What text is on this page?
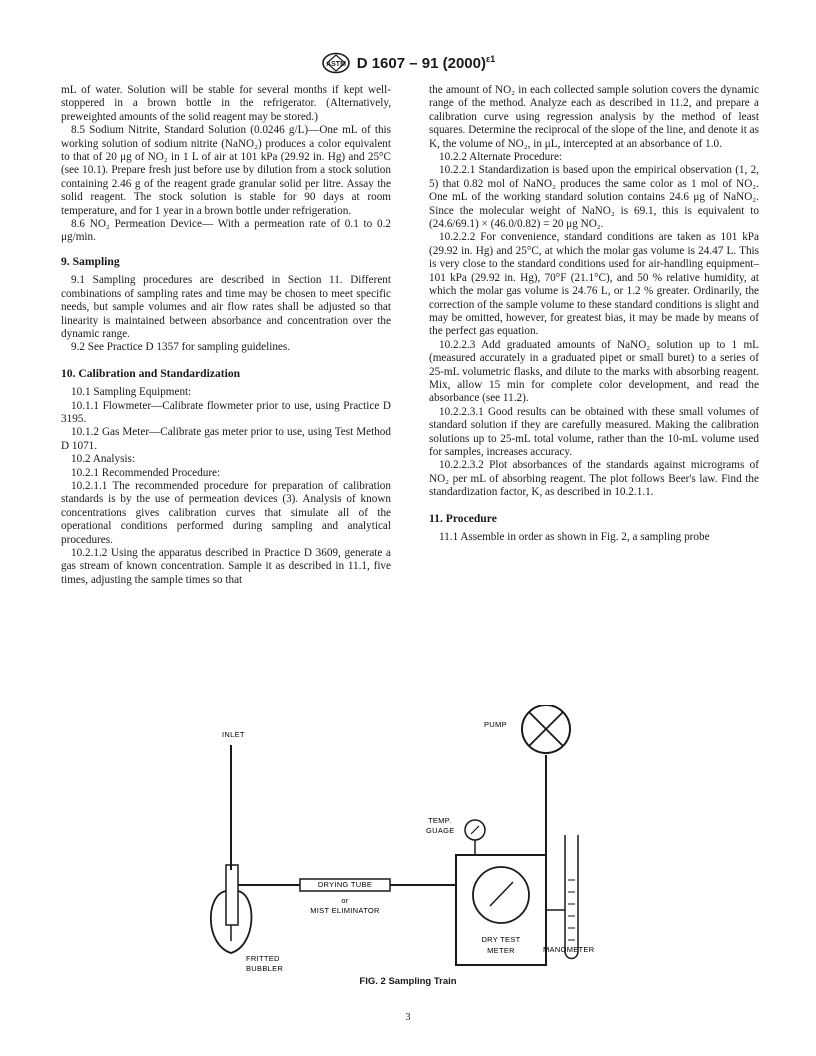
ASTM D 1607 – 91 $(2000)^{\varepsilon 1}$

mL of water. Solution will be stable for several months if kept well-stoppered in a brown bottle in the refrigerator. (Alternatively, preweighted amounts of the solid reagent may be stored.)

8.5 Sodium Nitrite, Standard Solution (0.0246 g/L)—One mL of this working solution of sodium nitrite (NaNO₂) produces a color equivalent to that of 20 μg of NO₂ in 1 L of air at 101 kPa (29.92 in. Hg) and 25°C (see 10.1). Prepare fresh just before use by dilution from a stock solution containing 2.46 g of the reagent grade granular solid per litre. Assay the solid reagent. The stock solution is stable for 90 days at room temperature, and for 1 year in a brown bottle under refrigeration.

8.6 NO₂ Permeation Device— With a permeation rate of 0.1 to 0.2 μg/min.

9. Sampling

9.1 Sampling procedures are described in Section 11. Different combinations of sampling rates and time may be chosen to meet specific needs, but sample volumes and air flow rates shall be adjusted so that linearity is maintained between absorbance and concentration over the dynamic range.

9.2 See Practice D 1357 for sampling guidelines.

10. Calibration and Standardization

10.1 Sampling Equipment:

10.1.1 Flowmeter—Calibrate flowmeter prior to use, using Practice D 3195.

10.1.2 Gas Meter—Calibrate gas meter prior to use, using Test Method D 1071.

10.2 Analysis:

10.2.1 Recommended Procedure:

10.2.1.1 The recommended procedure for preparation of calibration standards is by the use of permeation devices (3). Analysis of known concentrations gives calibration curves that simulate all of the operational conditions performed during sampling and analytical procedures.

10.2.1.2 Using the apparatus described in Practice D 3609, generate a gas stream of known concentration. Sample it as described in 11.1, five times, adjusting the sample times so that

the amount of NO₂ in each collected sample solution covers the dynamic range of the method. Analyze each as described in 11.2, and prepare a calibration curve using regression analysis by the method of least squares. Determine the reciprocal of the slope of the line, and denote it as K, the volume of NO₂, in μL, intercepted at an absorbance of 1.0.

10.2.2 Alternate Procedure:

10.2.2.1 Standardization is based upon the empirical observation (1, 2, 5) that 0.82 mol of NaNO₂ produces the same color as 1 mol of NO₂. One mL of the working standard solution contains 24.6 μg of NaNO₂. Since the molecular weight of NaNO₂ is 69.1, this is equivalent to (24.6/69.1) × (46.0/0.82) = 20 μg NO₂.

10.2.2.2 For convenience, standard conditions are taken as 101 kPa (29.92 in. Hg) and 25°C, at which the molar gas volume is 24.47 L. This is very close to the standard conditions used for air-handling equipment–101 kPa (29.92 in. Hg), 70°F (21.1°C), and 50 % relative humidity, at which the molar gas volume is 24.76 L, or 1.2 % greater. Ordinarily, the correction of the sample volume to these standard conditions is slight and may be omitted, however, for greatest bias, it may be made by means of the perfect gas equation.

10.2.2.3 Add graduated amounts of NaNO₂ solution up to 1 mL (measured accurately in a graduated pipet or small buret) to a series of 25-mL volumetric flasks, and dilute to the marks with absorbing reagent. Mix, allow 15 min for complete color development, and read the absorbance (see 11.2).

10.2.2.3.1 Good results can be obtained with these small volumes of standard solution if they are carefully measured. Making the calibration solutions up to 25-mL total volume, rather than the 10-mL volume used for samples, increases accuracy.

10.2.2.3.2 Plot absorbances of the standards against micrograms of NO₂ per mL of absorbing reagent. The plot follows Beer's law. Find the standardization factor, K, as described in 10.2.1.1.

11. Procedure

11.1 Assemble in order as shown in Fig. 2, a sampling probe

INLET
PUMP
TEMP.
GUAGE
DRYING TUBE
or
MIST ELIMINATOR
DRY TEST
METER	MANOMETER
FRITTED
BUBBLER
FIG. 2 Sampling Train
3
